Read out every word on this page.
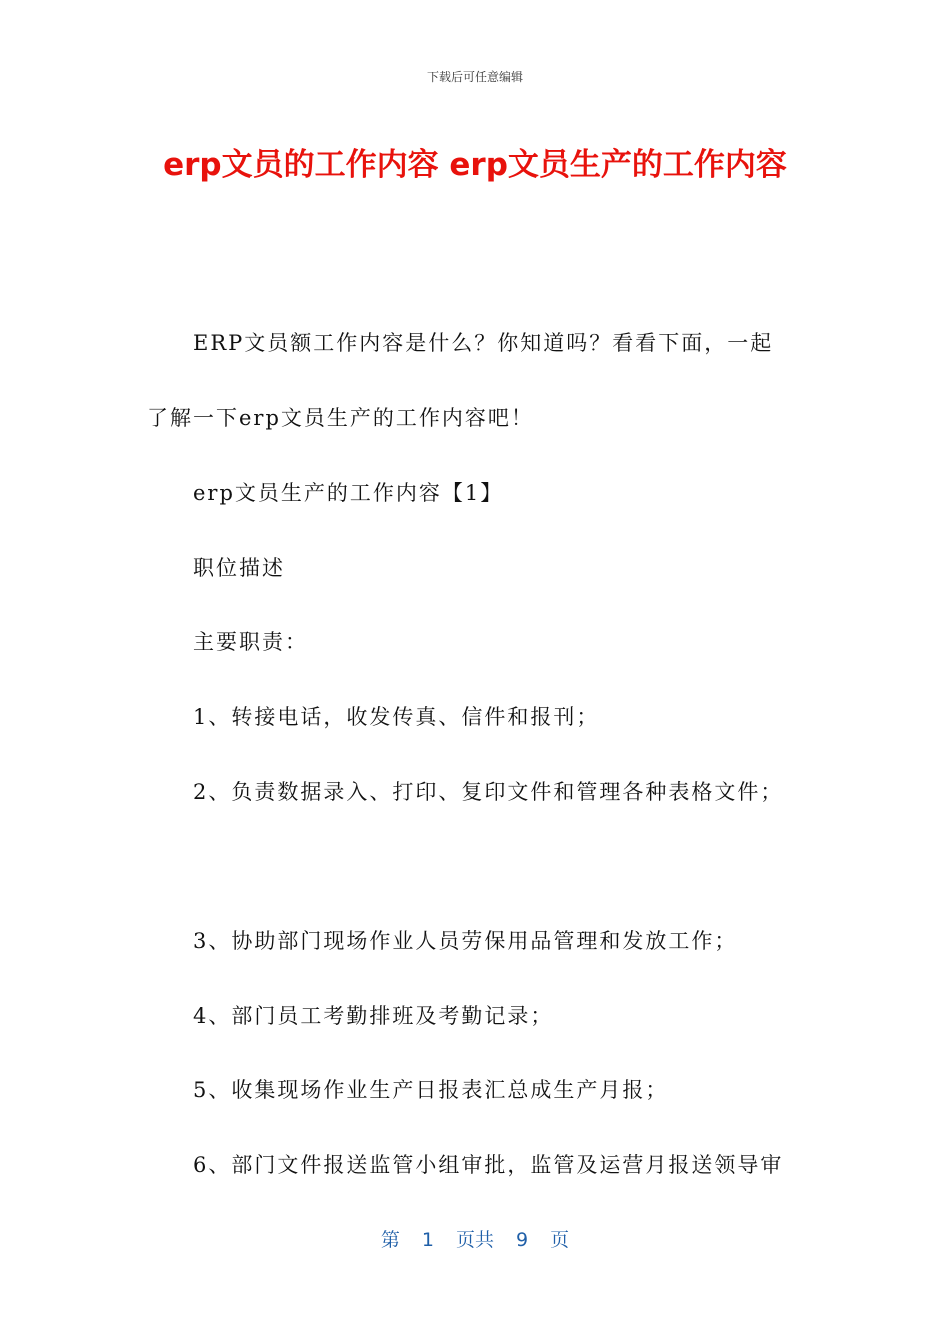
下载后可任意编辑
erp文员的工作内容 erp文员生产的工作内容

ERP文员额工作内容是什么？你知道吗？看看下面，一起

了解一下erp文员生产的工作内容吧！

erp文员生产的工作内容【1】

职位描述

主要职责：

1、转接电话，收发传真、信件和报刊；

2、负责数据录入、打印、复印文件和管理各种表格文件；

3、协助部门现场作业人员劳保用品管理和发放工作；

4、部门员工考勤排班及考勤记录；

5、收集现场作业生产日报表汇总成生产月报；

6、部门文件报送监管小组审批，监管及运营月报送领导审

第 1 页共 9 页
